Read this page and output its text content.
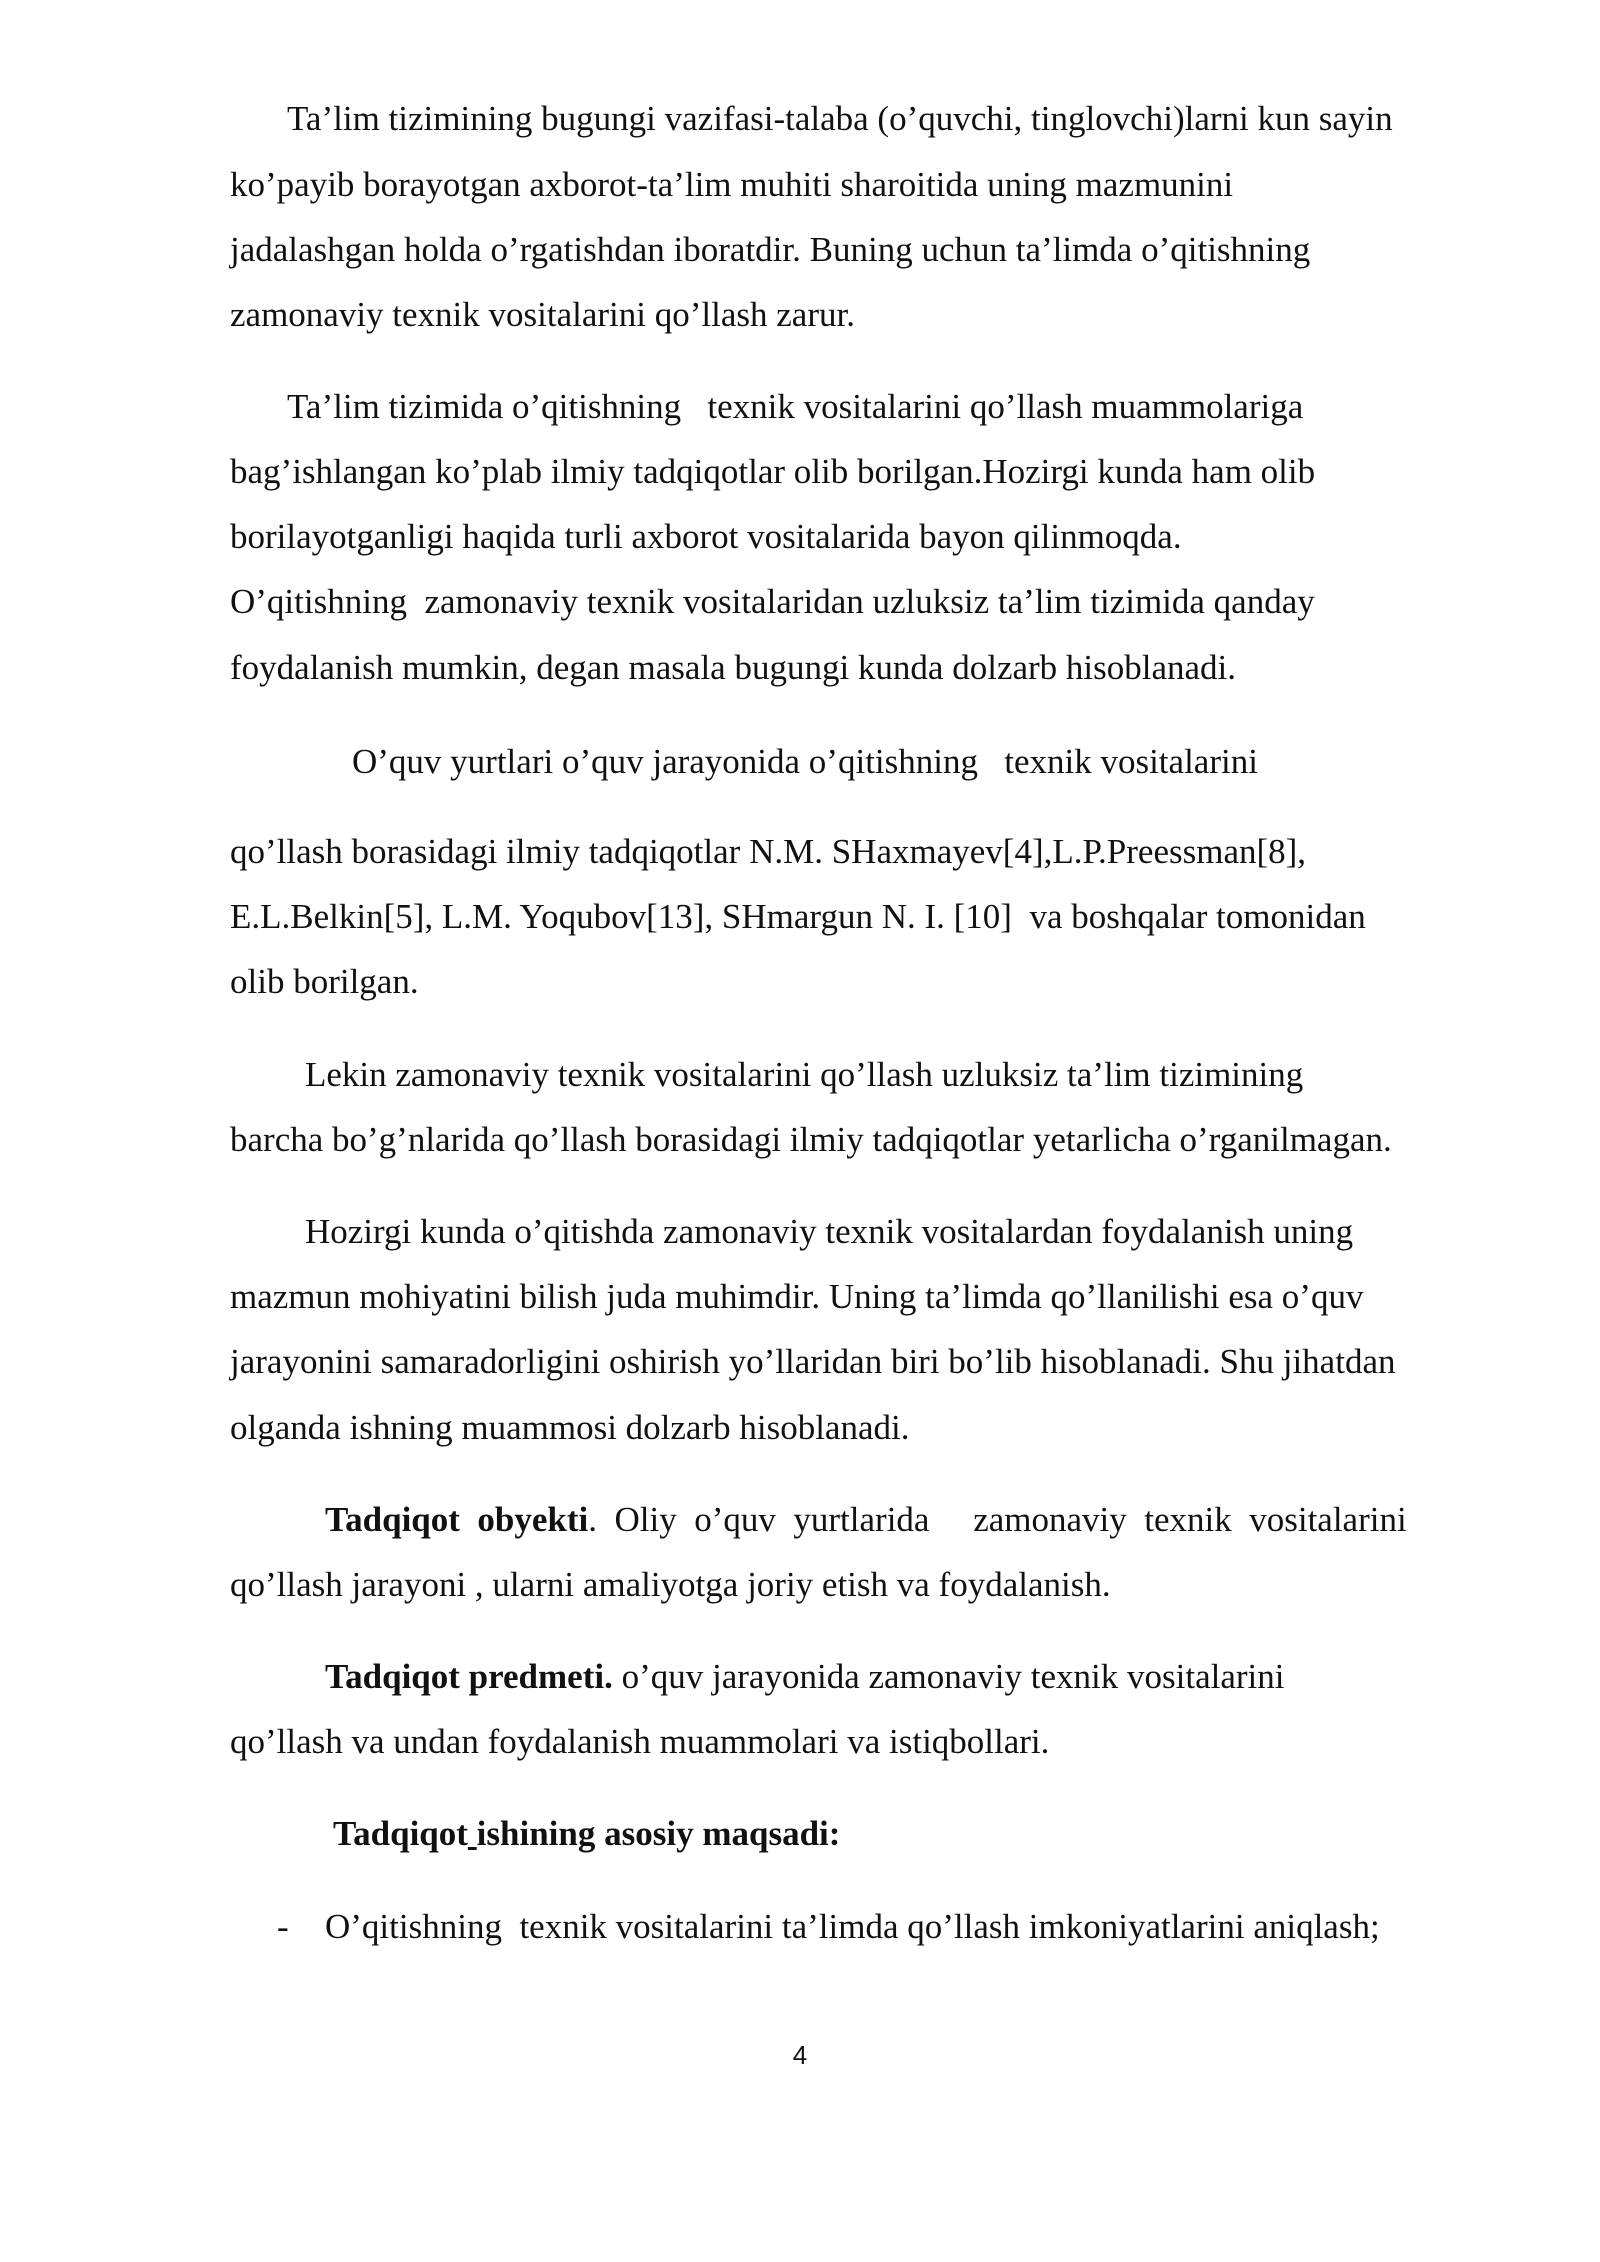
Ta’lim tizimining bugungi vazifasi-talaba (o’quvchi, tinglovchi)larni kun sayin
ko’payib borayotgan axborot-ta’lim muhiti sharoitida uning mazmunini
jadalashgan holda o’rgatishdan iboratdir. Buning uchun ta’limda o’qitishning
zamonaviy texnik vositalarini qo’llash zarur.
Ta’lim tizimida o’qitishning   texnik vositalarini qo’llash muammolariga
bag’ishlangan ko’plab ilmiy tadqiqotlar olib borilgan.Hozirgi kunda ham olib
borilayotganligi haqida turli axborot vositalarida bayon qilinmoqda.
O’qitishning  zamonaviy texnik vositalaridan uzluksiz ta’lim tizimida qanday
foydalanish mumkin, degan masala bugungi kunda dolzarb hisoblanadi.
O’quv yurtlari o’quv jarayonida o’qitishning   texnik vositalarini
qo’llash borasidagi ilmiy tadqiqotlar N.M. SHaxmayev[4],L.P.Preessman[8],
E.L.Belkin[5], L.M. Yoqubov[13], SHmargun N. I. [10]  va boshqalar tomonidan
olib borilgan.
Lekin zamonaviy texnik vositalarini qo’llash uzluksiz ta’lim tizimining
barcha bo’g’nlarida qo’llash borasidagi ilmiy tadqiqotlar yetarlicha o’rganilmagan.
Hozirgi kunda o’qitishda zamonaviy texnik vositalardan foydalanish uning
mazmun mohiyatini bilish juda muhimdir. Uning ta’limda qo’llanilishi esa o’quv
jarayonini samaradorligini oshirish yo’llaridan biri bo’lib hisoblanadi. Shu jihatdan
olganda ishning muammosi dolzarb hisoblanadi.
Tadqiqot  obyekti.  Oliy  o’quv  yurtlarida     zamonaviy  texnik  vositalarini
qo’llash jarayoni , ularni amaliyotga joriy etish va foydalanish.
Tadqiqot predmeti. o’quv jarayonida zamonaviy texnik vositalarini
qo’llash va undan foydalanish muammolari va istiqbollari.
Tadqiqot ishining asosiy maqsadi:
- O’qitishning  texnik vositalarini ta’limda qo’llash imkoniyatlarini aniqlash;
4
